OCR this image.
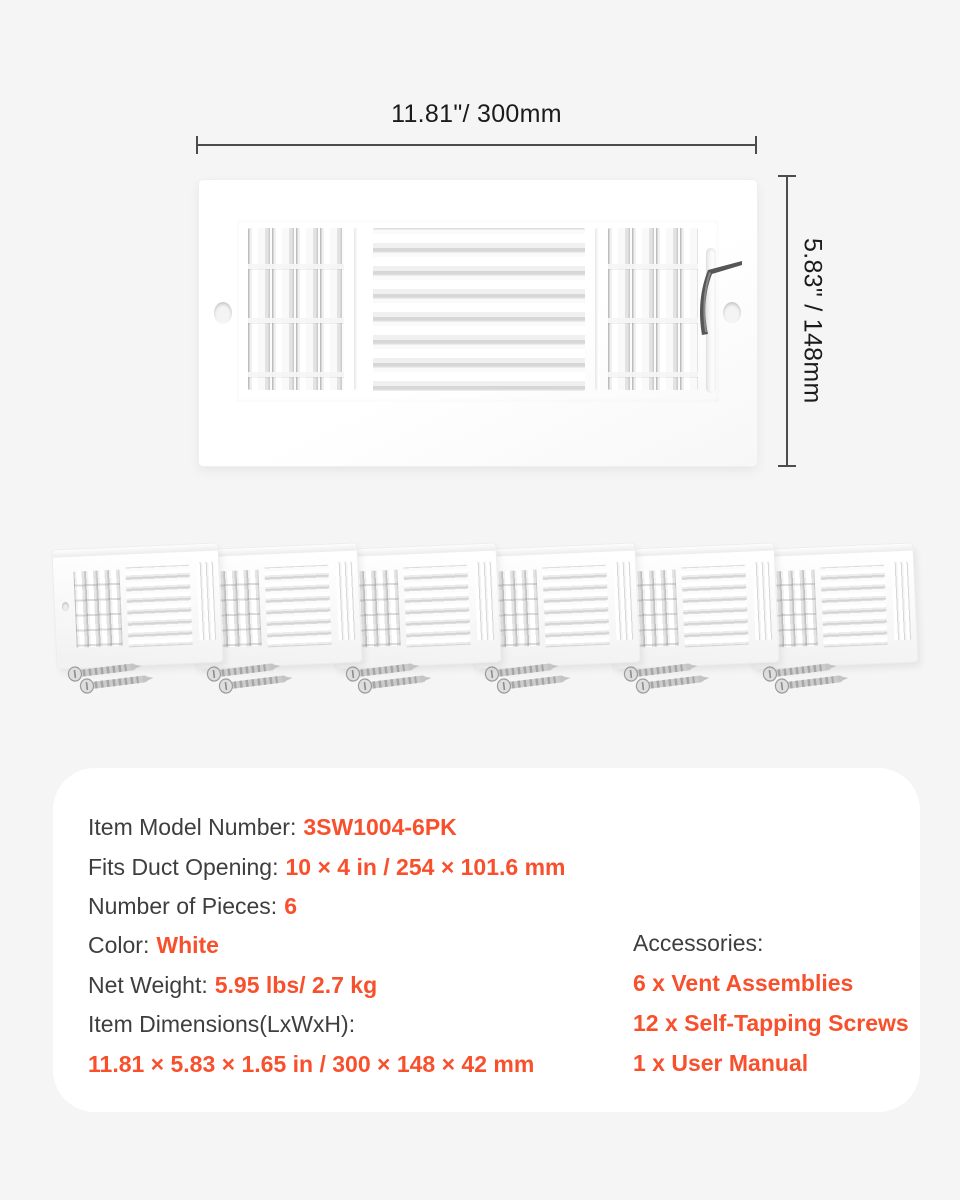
11.81"/ 300mm
5.83" / 148mm
Item Model Number: 3SW1004-6PK
Fits Duct Opening: 10 × 4 in / 254 × 101.6 mm
Number of Pieces: 6
Color: White
Net Weight: 5.95 lbs/ 2.7 kg
Item Dimensions(LxWxH):
11.81 × 5.83 × 1.65 in / 300 × 148 × 42 mm
Accessories:
6 x Vent Assemblies
12 x Self-Tapping Screws
1 x User Manual
